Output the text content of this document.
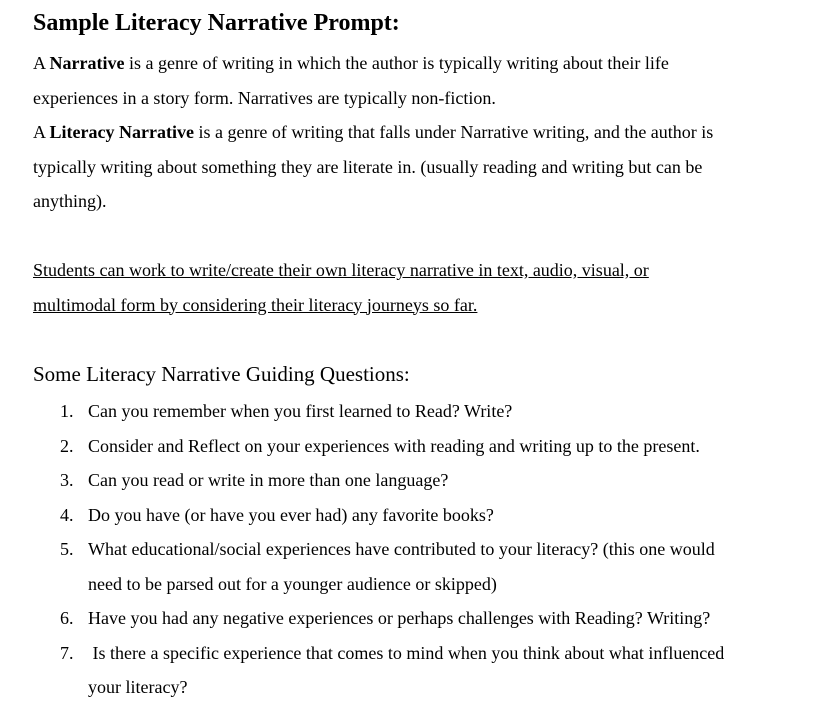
Sample Literacy Narrative Prompt:
A Narrative is a genre of writing in which the author is typically writing about their life
experiences in a story form. Narratives are typically non-fiction.
A Literacy Narrative is a genre of writing that falls under Narrative writing, and the author is
typically writing about something they are literate in. (usually reading and writing but can be
anything).
Students can work to write/create their own literacy narrative in text, audio, visual, or
multimodal form by considering their literacy journeys so far.
Some Literacy Narrative Guiding Questions:
1. Can you remember when you first learned to Read? Write?
2. Consider and Reflect on your experiences with reading and writing up to the present.
3. Can you read or write in more than one language?
4. Do you have (or have you ever had) any favorite books?
5. What educational/social experiences have contributed to your literacy? (this one would
need to be parsed out for a younger audience or skipped)
6. Have you had any negative experiences or perhaps challenges with Reading? Writing?
7. Is there a specific experience that comes to mind when you think about what influenced
your literacy?
